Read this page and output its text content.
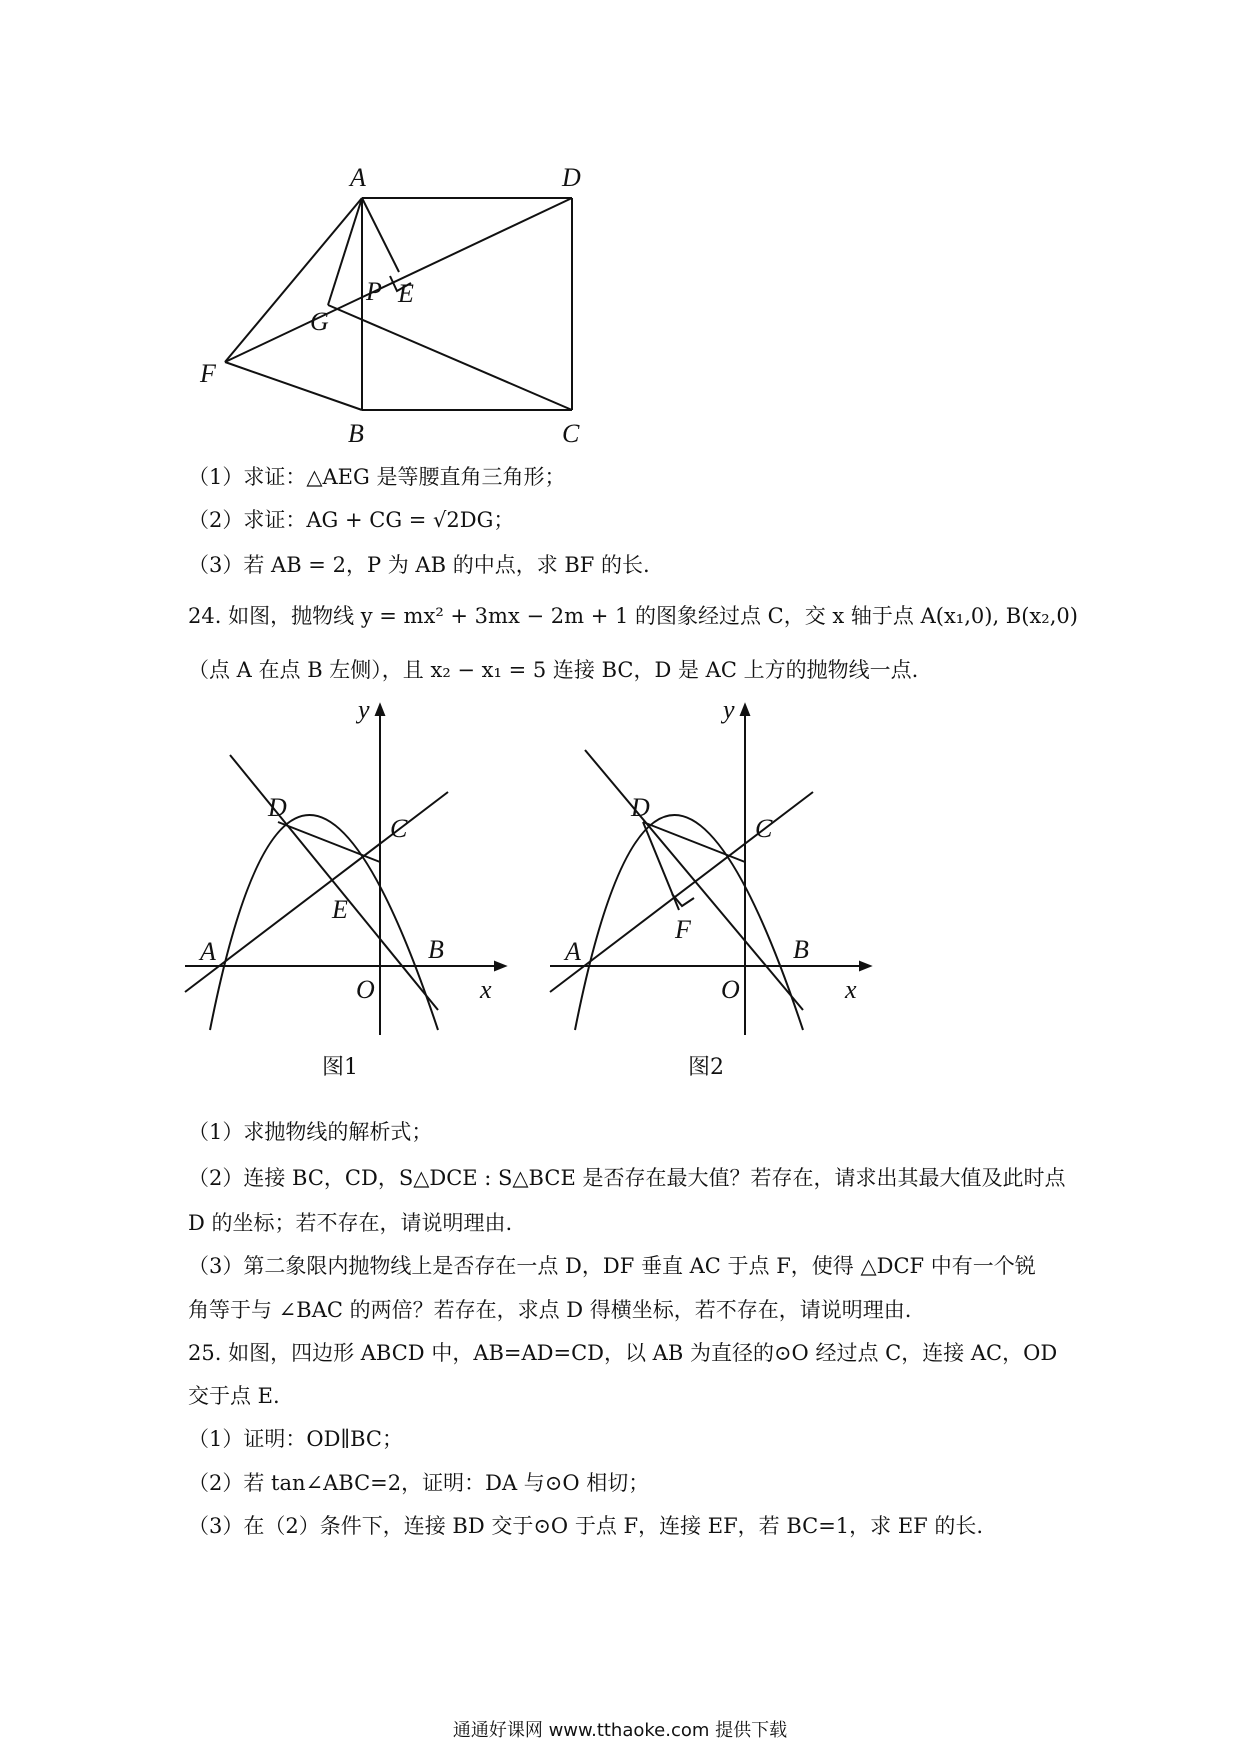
A	D
E
P
G
F
B	C
（1）求证：△AEG 是等腰直角三角形；
（2）求证：AG + CG = √2DG；
（3）若 AB = 2，P 为 AB 的中点，求 BF 的长.
24. 如图，抛物线 y = mx² + 3mx − 2m + 1 的图象经过点 C，交 x 轴于点 A(x₁,0), B(x₂,0)
（点 A 在点 B 左侧），且 x₂ − x₁ = 5 连接 BC，D 是 AC 上方的抛物线一点.
y
x
O
A	B
C
D
E
图1
y
x
O
A	B
C
D
F
图2
（1）求抛物线的解析式；
（2）连接 BC，CD，S△DCE : S△BCE 是否存在最大值？若存在，请求出其最大值及此时点
D 的坐标；若不存在，请说明理由.
（3）第二象限内抛物线上是否存在一点 D，DF 垂直 AC 于点 F，使得 △DCF 中有一个锐
角等于与 ∠BAC 的两倍？若存在，求点 D 得横坐标，若不存在，请说明理由.
25. 如图，四边形 ABCD 中，AB=AD=CD，以 AB 为直径的⊙O 经过点 C，连接 AC，OD
交于点 E.
（1）证明：OD∥BC；
（2）若 tan∠ABC=2，证明：DA 与⊙O 相切；
（3）在（2）条件下，连接 BD 交于⊙O 于点 F，连接 EF，若 BC=1，求 EF 的长.
通通好课网 www.tthaoke.com 提供下载
